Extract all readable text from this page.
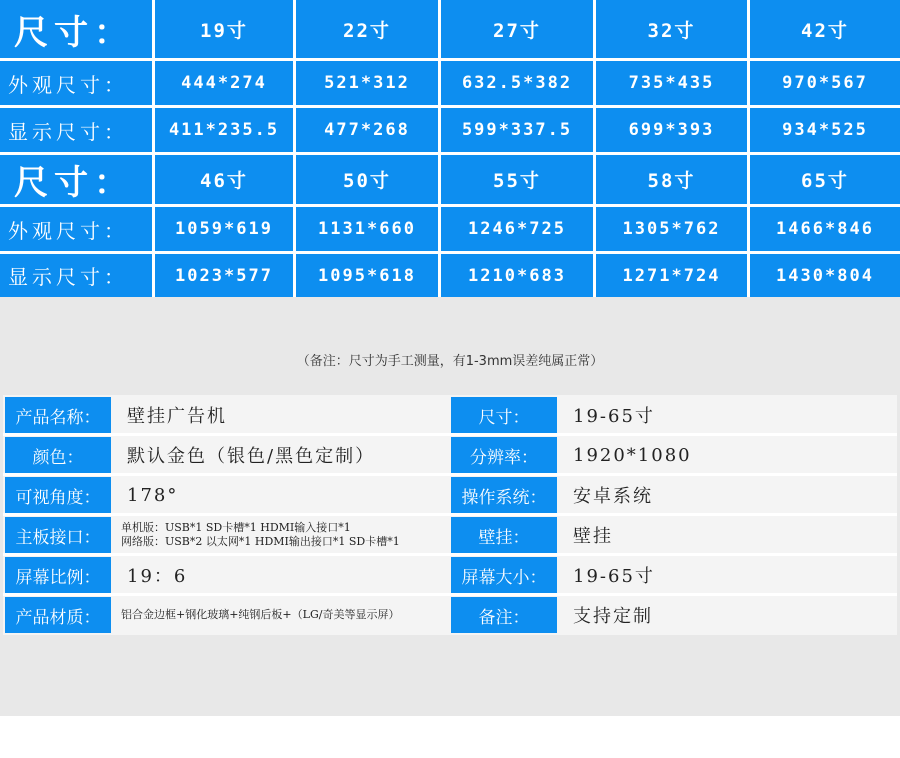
尺寸：	19寸	22寸	27寸	32寸	42寸
外观尺寸：	444*274	521*312	632.5*382	735*435	970*567
显示尺寸：	411*235.5	477*268	599*337.5	699*393	934*525
尺寸：	46寸	50寸	55寸	58寸	65寸
外观尺寸：	1059*619	1131*660	1246*725	1305*762	1466*846
显示尺寸：	1023*577	1095*618	1210*683	1271*724	1430*804
（备注：尺寸为手工测量，有1-3mm误差纯属正常）
产品名称：	壁挂广告机	尺寸：	19-65寸
颜色：	默认金色（银色/黑色定制）	分辨率：	1920*1080
可视角度：	178°	操作系统：	安卓系统
主板接口：	单机版：USB*1 SD卡槽*1 HDMI输入接口*1
网络版：USB*2 以太网*1 HDMI输出接口*1 SD卡槽*1	壁挂：	壁挂
屏幕比例：	19：6	屏幕大小：	19-65寸
产品材质：	铝合金边框+钢化玻璃+纯钢后板+（LG/奇美等显示屏）	备注：	支持定制
